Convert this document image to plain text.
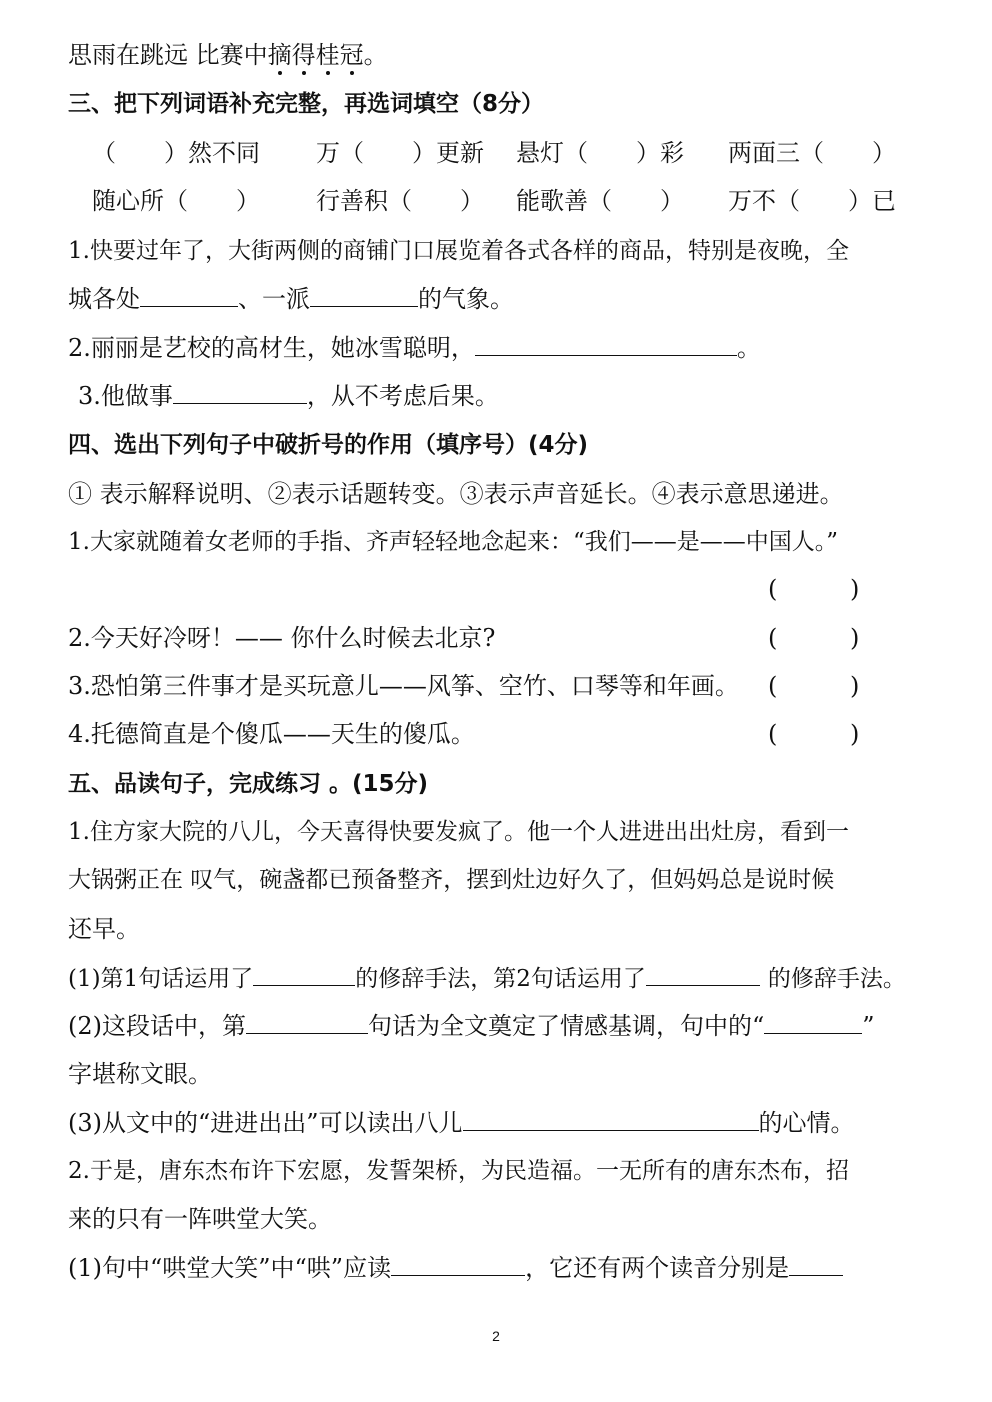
思雨在跳远 比赛中摘得桂冠。
三、把下列词语补充完整，再选词填空（8分）
（　　）然不同 万（　　）更新 悬灯（　　）彩 两面三（　　）
随心所（　　） 行善积（　　） 能歌善（　　） 万不（　　）已
1.快要过年了，大街两侧的商铺门口展览着各式各样的商品，特别是夜晚，全
城各处	、一派	的气象。
2.丽丽是艺校的高材生，她冰雪聪明，	。
3.他做事	，从不考虑后果。
四、选出下列句子中破折号的作用（填序号）(4分)
① 表示解释说明、②表示话题转变。③表示声音延长。④表示意思递进。
1.大家就随着女老师的手指、齐声轻轻地念起来：“我们——是——中国人。”
(	)
2.今天好冷呀！—— 你什么时候去北京?	(	)
3.恐怕第三件事才是买玩意儿——风筝、空竹、口琴等和年画。 (	)
4.托德简直是个傻瓜——天生的傻瓜。	(	)
五、品读句子，完成练习 。(15分)
1.住方家大院的八儿，今天喜得快要发疯了。他一个人进进出出灶房，看到一
大锅粥正在 叹气，碗盏都已预备整齐，摆到灶边好久了，但妈妈总是说时候
还早。
(1)第1句话运用了	的修辞手法，第2句话运用了	的修辞手法。
(2)这段话中，第	句话为全文奠定了情感基调，句中的“	”
字堪称文眼。
(3)从文中的“进进出出”可以读出八儿	的心情。
2.于是，唐东杰布许下宏愿，发誓架桥，为民造福。一无所有的唐东杰布，招
来的只有一阵哄堂大笑。
(1)句中“哄堂大笑”中“哄”应读	，它还有两个读音分别是
2
